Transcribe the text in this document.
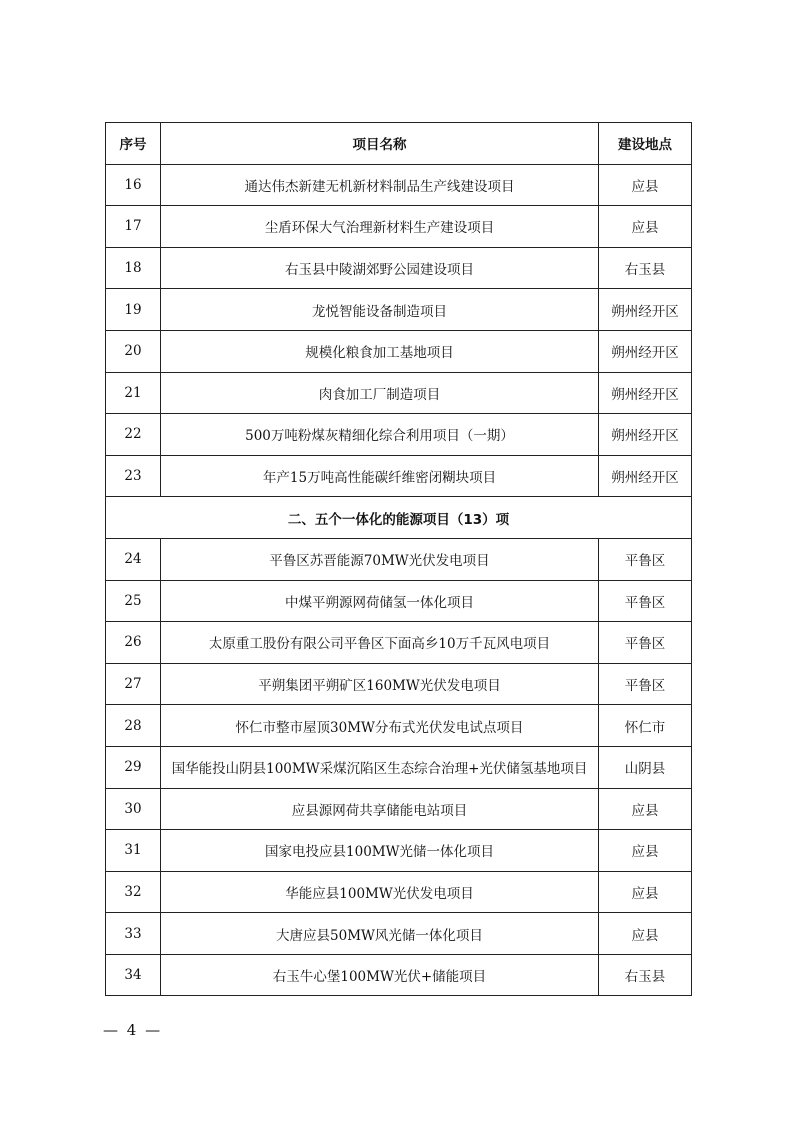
序号	项目名称	建设地点
16	通达伟杰新建无机新材料制品生产线建设项目	应县
17	尘盾环保大气治理新材料生产建设项目	应县
18	右玉县中陵湖郊野公园建设项目	右玉县
19	龙悦智能设备制造项目	朔州经开区
20	规模化粮食加工基地项目	朔州经开区
21	肉食加工厂制造项目	朔州经开区
22	500万吨粉煤灰精细化综合利用项目（一期）	朔州经开区
23	年产15万吨高性能碳纤维密闭糊块项目	朔州经开区
二、五个一体化的能源项目（13）项		
24	平鲁区苏晋能源70MW光伏发电项目	平鲁区
25	中煤平朔源网荷储氢一体化项目	平鲁区
26	太原重工股份有限公司平鲁区下面高乡10万千瓦风电项目	平鲁区
27	平朔集团平朔矿区160MW光伏发电项目	平鲁区
28	怀仁市整市屋顶30MW分布式光伏发电试点项目	怀仁市
29	国华能投山阴县100MW采煤沉陷区生态综合治理+光伏储氢基地项目	山阴县
30	应县源网荷共享储能电站项目	应县
31	国家电投应县100MW光储一体化项目	应县
32	华能应县100MW光伏发电项目	应县
33	大唐应县50MW风光储一体化项目	应县
34	右玉牛心堡100MW光伏+储能项目	右玉县
— 4 —
